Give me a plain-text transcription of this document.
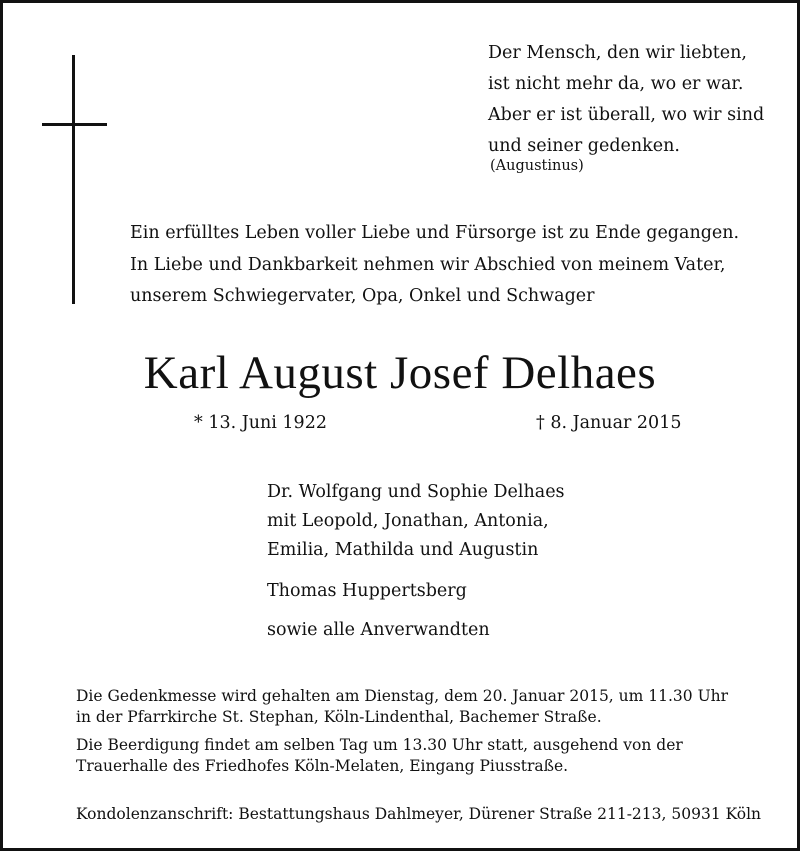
Der Mensch, den wir liebten,
ist nicht mehr da, wo er war.
Aber er ist überall, wo wir sind
und seiner gedenken.
(Augustinus)
Ein erfülltes Leben voller Liebe und Fürsorge ist zu Ende gegangen.
In Liebe und Dankbarkeit nehmen wir Abschied von meinem Vater,
unserem Schwiegervater, Opa, Onkel und Schwager
Karl August Josef Delhaes
* 13. Juni 1922	† 8. Januar 2015
Dr. Wolfgang und Sophie Delhaes
mit Leopold, Jonathan, Antonia,
Emilia, Mathilda und Augustin
Thomas Huppertsberg
sowie alle Anverwandten
Die Gedenkmesse wird gehalten am Dienstag, dem 20. Januar 2015, um 11.30 Uhr
in der Pfarrkirche St. Stephan, Köln-Lindenthal, Bachemer Straße.
Die Beerdigung findet am selben Tag um 13.30 Uhr statt, ausgehend von der
Trauerhalle des Friedhofes Köln-Melaten, Eingang Piusstraße.
Kondolenzanschrift: Bestattungshaus Dahlmeyer, Dürener Straße 211-213, 50931 Köln
